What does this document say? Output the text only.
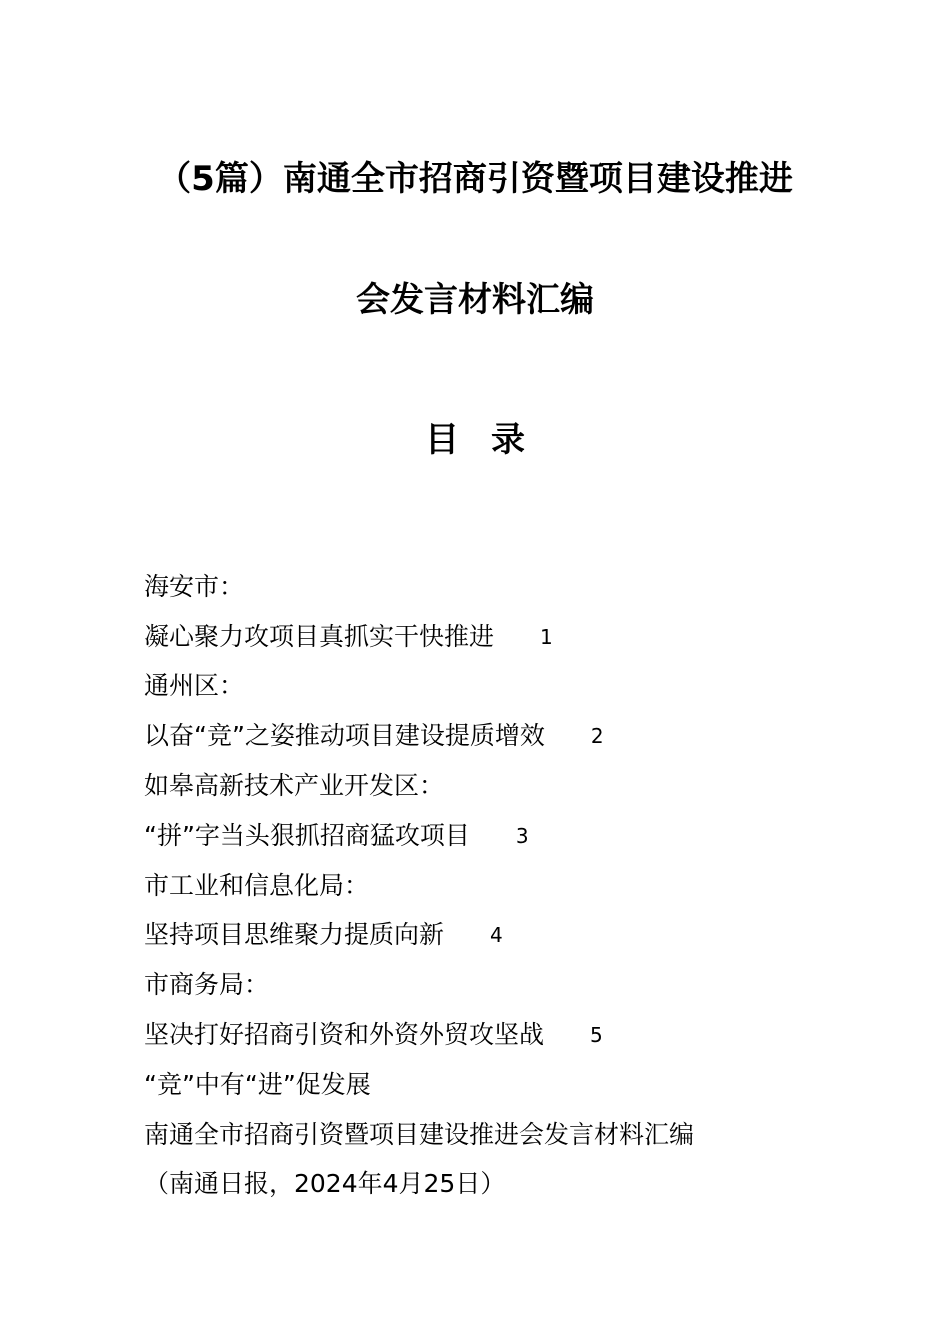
（5篇）南通全市招商引资暨项目建设推进
会发言材料汇编
目录
海安市：
凝心聚力攻项目真抓实干快推进 1
通州区：
以奋“竞”之姿推动项目建设提质增效 2
如皋高新技术产业开发区：
“拼”字当头狠抓招商猛攻项目 3
市工业和信息化局：
坚持项目思维聚力提质向新 4
市商务局：
坚决打好招商引资和外资外贸攻坚战 5
“竞”中有“进”促发展
南通全市招商引资暨项目建设推进会发言材料汇编
（南通日报，2024年4月25日）
